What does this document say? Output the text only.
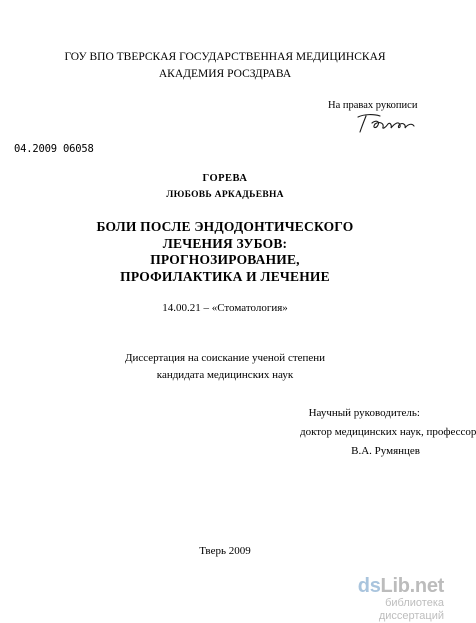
ГОУ ВПО ТВЕРСКАЯ ГОСУДАРСТВЕННАЯ МЕДИЦИНСКАЯ
АКАДЕМИЯ РОСЗДРАВА
На правах рукописи
04.2009 06058
ГОРЕВА
ЛЮБОВЬ АРКАДЬЕВНА
БОЛИ ПОСЛЕ ЭНДОДОНТИЧЕСКОГО
ЛЕЧЕНИЯ ЗУБОВ:
ПРОГНОЗИРОВАНИЕ,
ПРОФИЛАКТИКА И ЛЕЧЕНИЕ
14.00.21 – «Стоматология»
Диссертация на соискание ученой степени
кандидата медицинских наук
Научный руководитель:
доктор медицинских наук, профессор
В.А. Румянцев
Тверь 2009
dsLib.net
библиотека диссертаций
